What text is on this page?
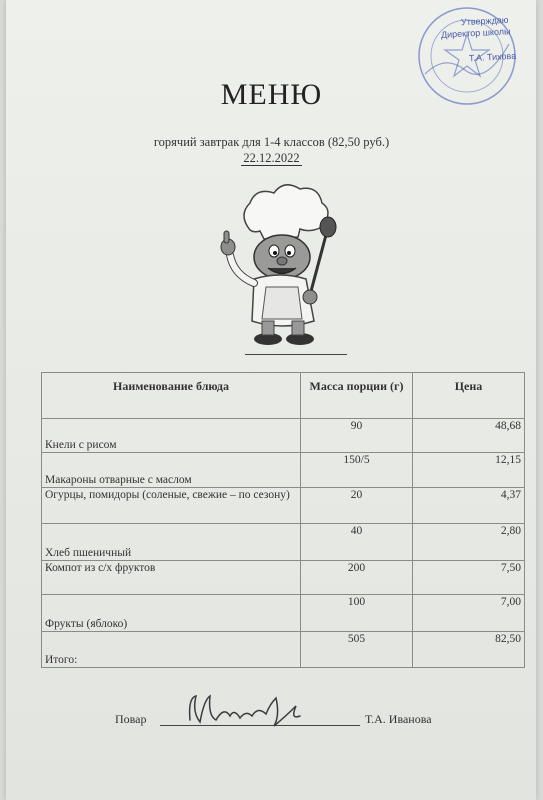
Утверждаю
Директор школы
Т.А. Тихова
МЕНЮ
горячий завтрак для 1-4 классов (82,50 руб.)
22.12.2022
Наименование блюда	Масса порции (г)	Цена
Кнели с рисом	90	48,68
Макароны отварные с маслом	150/5	12,15
Огурцы, помидоры (соленые, свежие – по сезону)	20	4,37
Хлеб пшеничный	40	2,80
Компот из с/х фруктов	200	7,50
Фрукты (яблоко)	100	7,00
Итого:	505	82,50
Повар	Т.А. Иванова
